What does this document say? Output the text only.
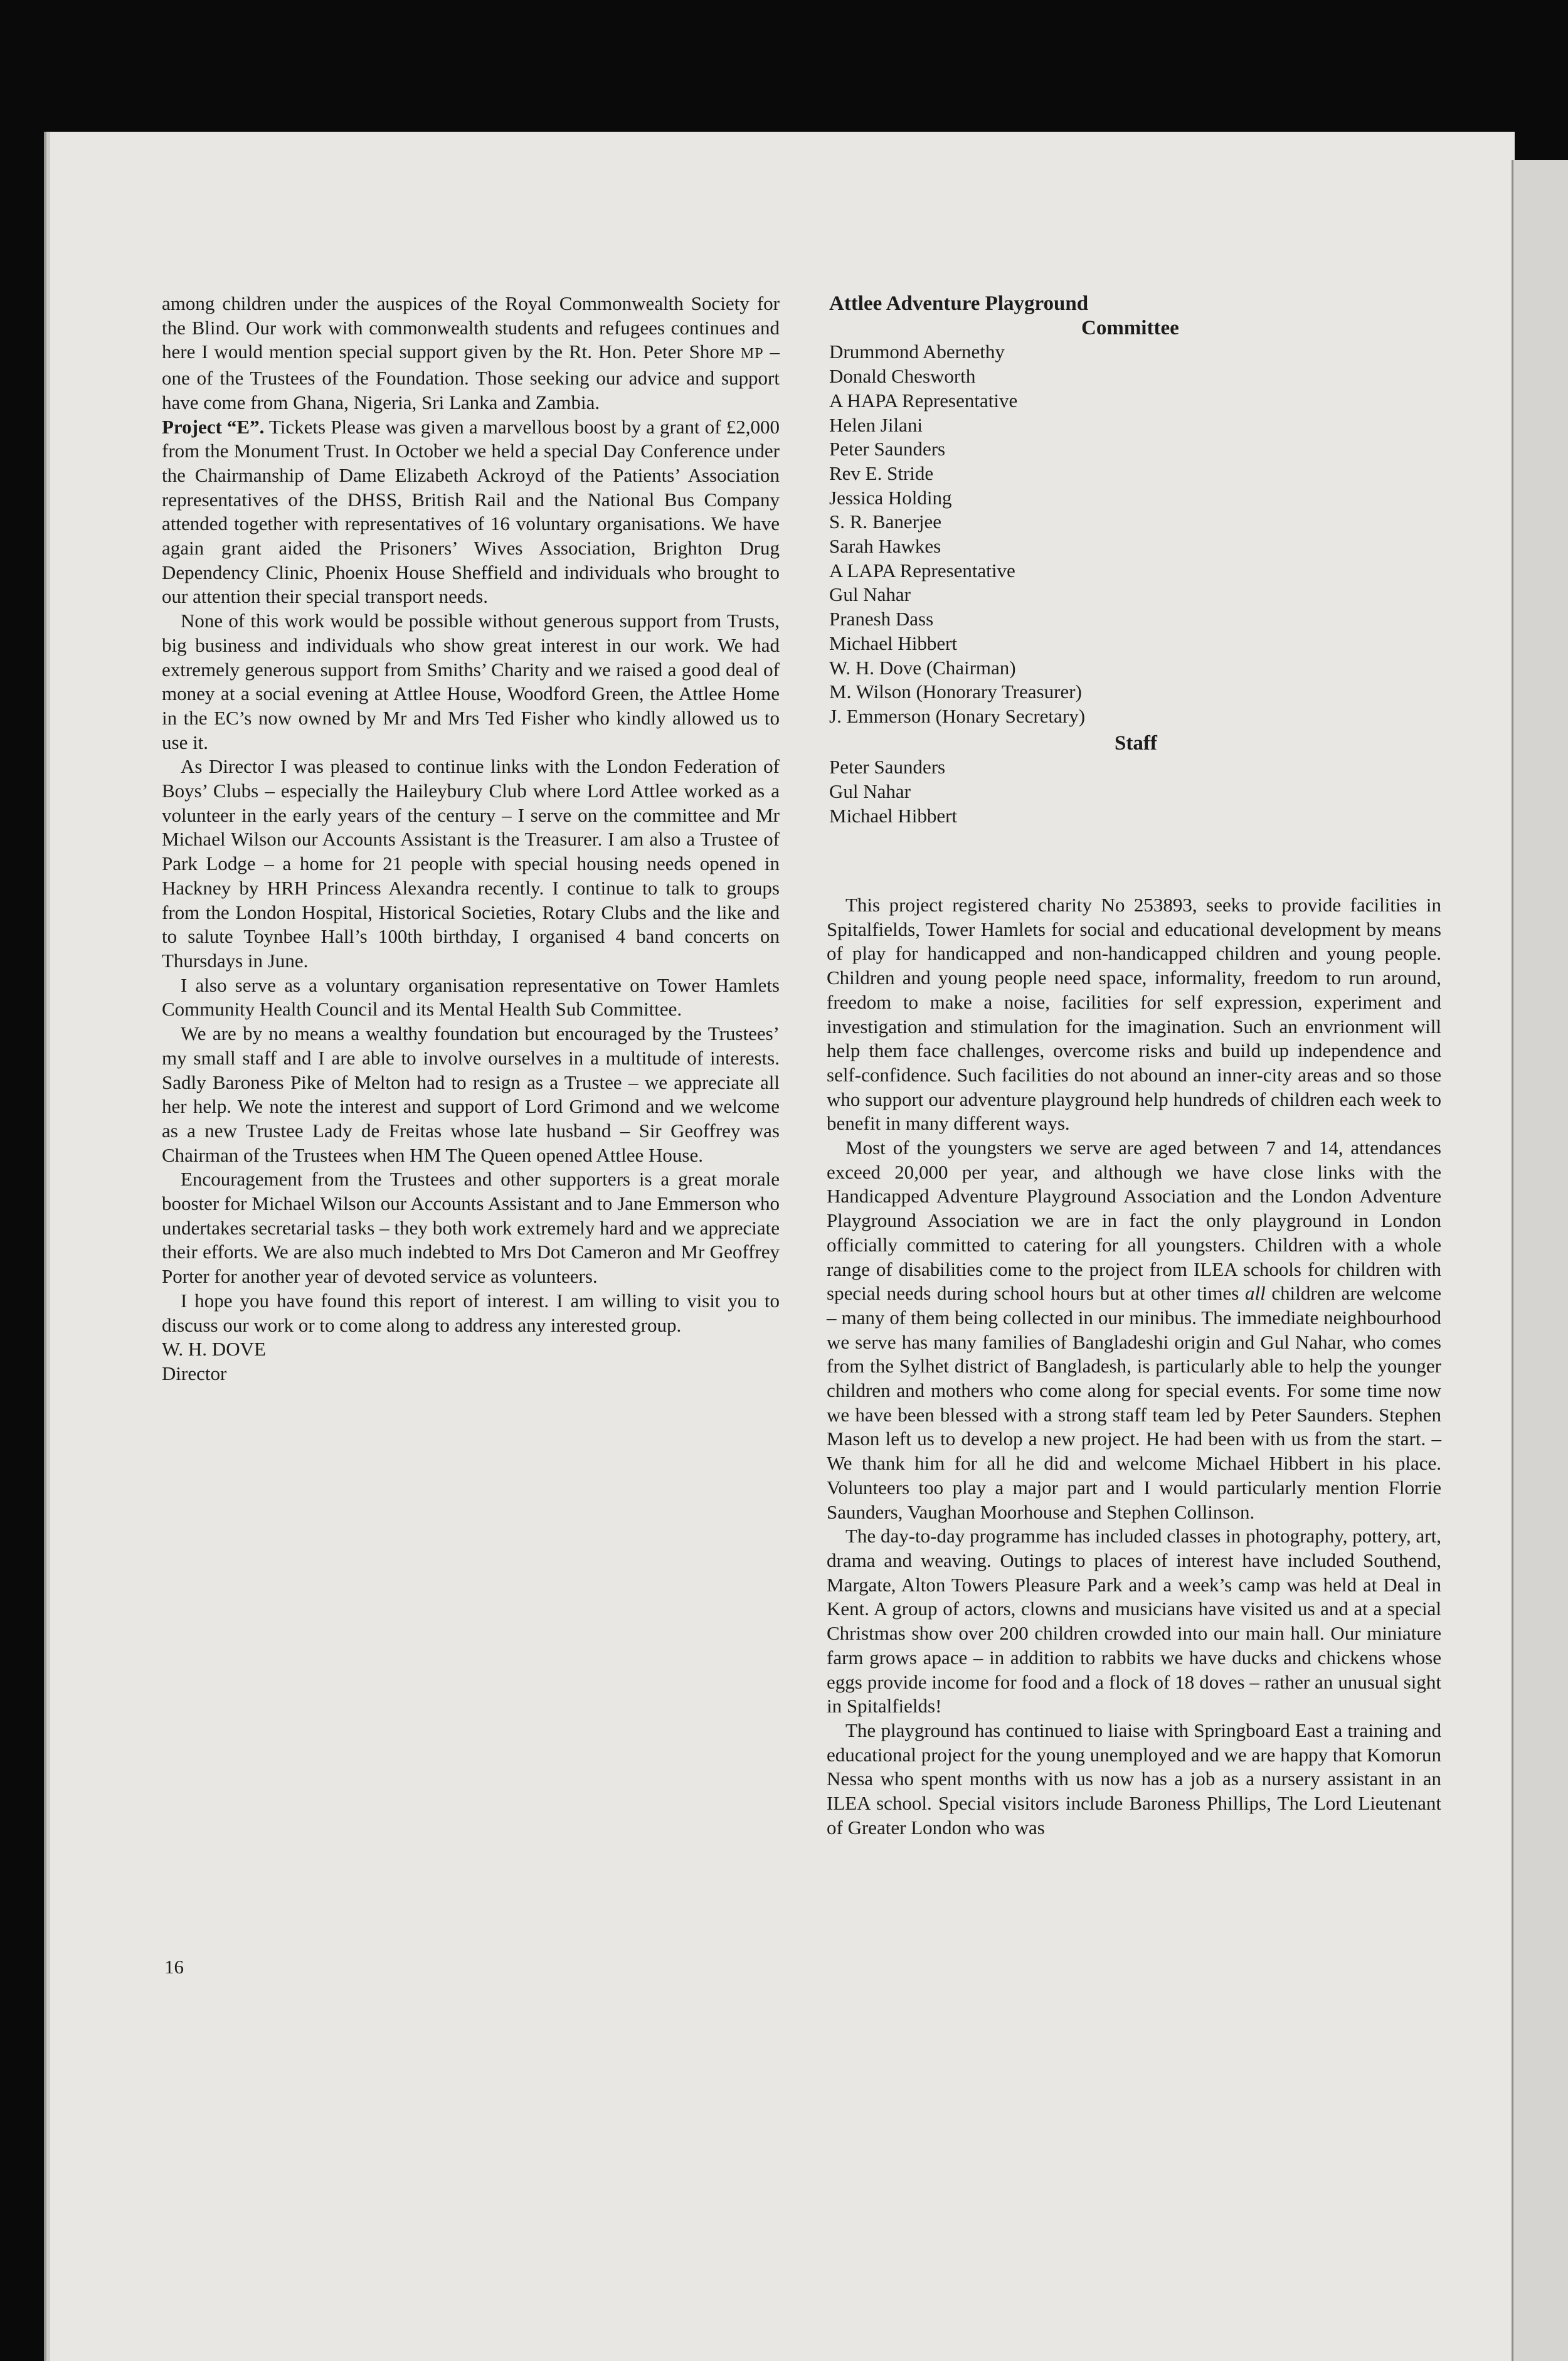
among children under the auspices of the Royal Commonwealth Society for the Blind. Our work with commonwealth students and refugees continues and here I would mention special support given by the Rt. Hon. Peter Shore MP – one of the Trustees of the Foundation. Those seeking our advice and support have come from Ghana, Nigeria, Sri Lanka and Zambia.

Project “E”. Tickets Please was given a marvellous boost by a grant of £2,000 from the Monument Trust. In October we held a special Day Conference under the Chairmanship of Dame Elizabeth Ackroyd of the Patients’ Association representatives of the DHSS, British Rail and the National Bus Company attended together with representatives of 16 voluntary organisations. We have again grant aided the Prisoners’ Wives Association, Brighton Drug Dependency Clinic, Phoenix House Sheffield and individuals who brought to our attention their special transport needs.

None of this work would be possible without generous support from Trusts, big business and individuals who show great interest in our work. We had extremely generous support from Smiths’ Charity and we raised a good deal of money at a social evening at Attlee House, Woodford Green, the Attlee Home in the EC’s now owned by Mr and Mrs Ted Fisher who kindly allowed us to use it.

As Director I was pleased to continue links with the London Federation of Boys’ Clubs – especially the Haileybury Club where Lord Attlee worked as a volunteer in the early years of the century – I serve on the committee and Mr Michael Wilson our Accounts Assistant is the Treasurer. I am also a Trustee of Park Lodge – a home for 21 people with special housing needs opened in Hackney by HRH Princess Alexandra recently. I continue to talk to groups from the London Hospital, Historical Societies, Rotary Clubs and the like and to salute Toynbee Hall’s 100th birthday, I organised 4 band concerts on Thursdays in June.

I also serve as a voluntary organisation representative on Tower Hamlets Community Health Council and its Mental Health Sub Committee.

We are by no means a wealthy foundation but encouraged by the Trustees’ my small staff and I are able to involve ourselves in a multitude of interests. Sadly Baroness Pike of Melton had to resign as a Trustee – we appreciate all her help. We note the interest and support of Lord Grimond and we welcome as a new Trustee Lady de Freitas whose late husband – Sir Geoffrey was Chairman of the Trustees when HM The Queen opened Attlee House.

Encouragement from the Trustees and other supporters is a great morale booster for Michael Wilson our Accounts Assistant and to Jane Emmerson who undertakes secretarial tasks – they both work extremely hard and we appreciate their efforts. We are also much indebted to Mrs Dot Cameron and Mr Geoffrey Porter for another year of devoted service as volunteers.

I hope you have found this report of interest. I am willing to visit you to discuss our work or to come along to address any interested group.

W. H. DOVE

Director

Attlee Adventure Playground
Committee
Drummond Abernethy
Donald Chesworth
A HAPA Representative
Helen Jilani
Peter Saunders
Rev E. Stride
Jessica Holding
S. R. Banerjee
Sarah Hawkes
A LAPA Representative
Gul Nahar
Pranesh Dass
Michael Hibbert
W. H. Dove (Chairman)
M. Wilson (Honorary Treasurer)
J. Emmerson (Honary Secretary)
Staff
Peter Saunders
Gul Nahar
Michael Hibbert

This project registered charity No 253893, seeks to provide facilities in Spitalfields, Tower Hamlets for social and educational development by means of play for handicapped and non-handicapped children and young people. Children and young people need space, informality, freedom to run around, freedom to make a noise, facilities for self expression, experiment and investigation and stimulation for the imagination. Such an envrionment will help them face challenges, overcome risks and build up independence and self-confidence. Such facilities do not abound an inner-city areas and so those who support our adventure playground help hundreds of children each week to benefit in many different ways.

Most of the youngsters we serve are aged between 7 and 14, attendances exceed 20,000 per year, and although we have close links with the Handicapped Adventure Playground Association and the London Adventure Playground Association we are in fact the only playground in London officially committed to catering for all youngsters. Children with a whole range of disabilities come to the project from ILEA schools for children with special needs during school hours but at other times all children are welcome – many of them being collected in our minibus. The immediate neighbourhood we serve has many families of Bangladeshi origin and Gul Nahar, who comes from the Sylhet district of Bangladesh, is particularly able to help the younger children and mothers who come along for special events. For some time now we have been blessed with a strong staff team led by Peter Saunders. Stephen Mason left us to develop a new project. He had been with us from the start. – We thank him for all he did and welcome Michael Hibbert in his place. Volunteers too play a major part and I would particularly mention Florrie Saunders, Vaughan Moorhouse and Stephen Collinson.

The day-to-day programme has included classes in photography, pottery, art, drama and weaving. Outings to places of interest have included Southend, Margate, Alton Towers Pleasure Park and a week’s camp was held at Deal in Kent. A group of actors, clowns and musicians have visited us and at a special Christmas show over 200 children crowded into our main hall. Our miniature farm grows apace – in addition to rabbits we have ducks and chickens whose eggs provide income for food and a flock of 18 doves – rather an unusual sight in Spitalfields!

The playground has continued to liaise with Springboard East a training and educational project for the young unemployed and we are happy that Komorun Nessa who spent months with us now has a job as a nursery assistant in an ILEA school. Special visitors include Baroness Phillips, The Lord Lieutenant of Greater London who was

16
